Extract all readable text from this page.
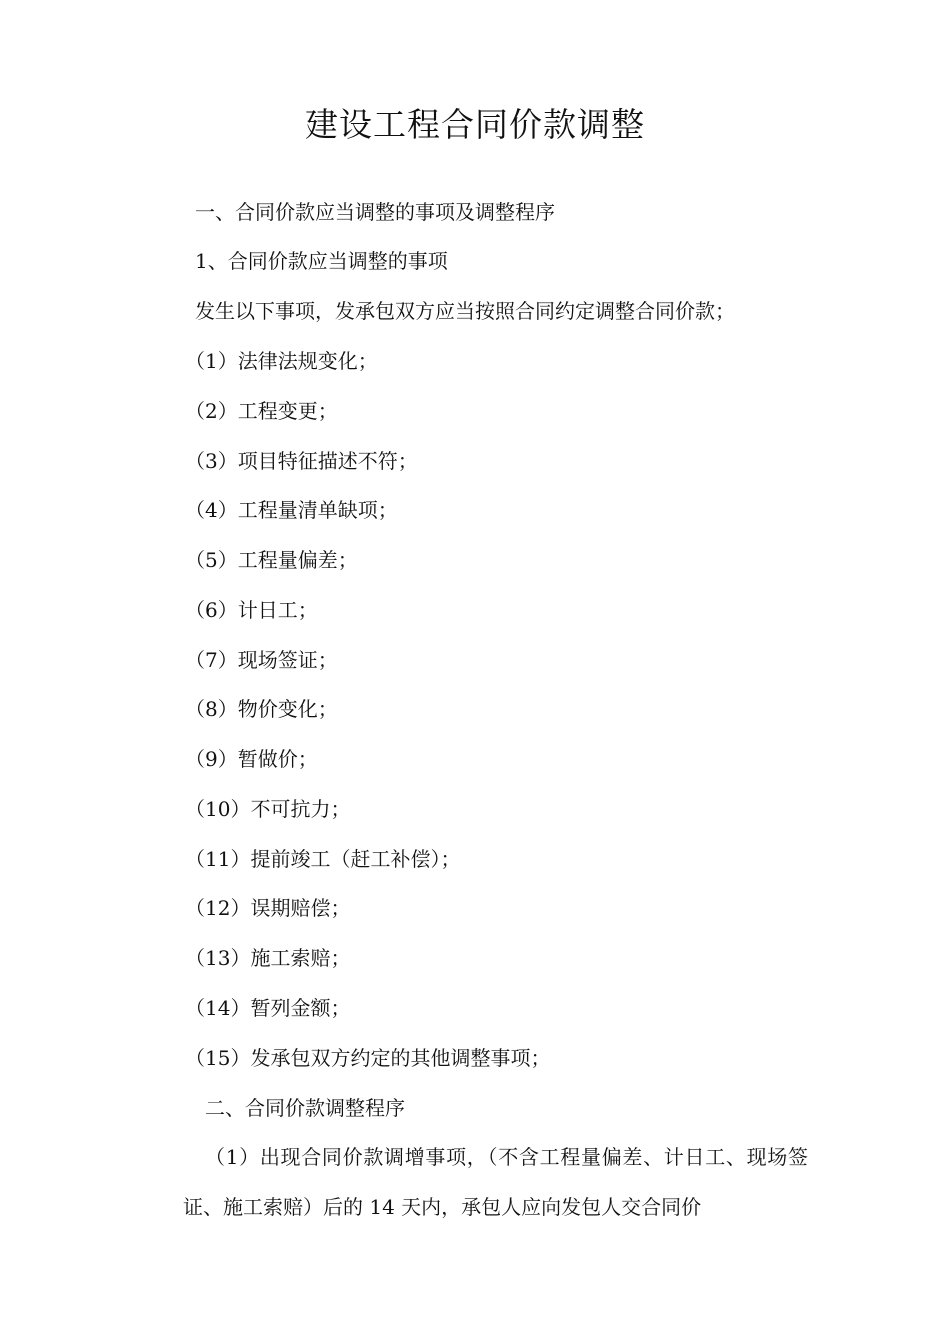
建设工程合同价款调整

一、合同价款应当调整的事项及调整程序

1、合同价款应当调整的事项

发生以下事项，发承包双方应当按照合同约定调整合同价款；

（1）法律法规变化；

（2）工程变更；

（3）项目特征描述不符；

（4）工程量清单缺项；

（5）工程量偏差；

（6）计日工；

（7）现场签证；

（8）物价变化；

（9）暂做价；

（10）不可抗力；

（11）提前竣工（赶工补偿）；

（12）误期赔偿；

（13）施工索赔；

（14）暂列金额；

（15）发承包双方约定的其他调整事项；

二、合同价款调整程序

（1）出现合同价款调增事项，（不含工程量偏差、计日工、现场签证、施工索赔）后的 14 天内，承包人应向发包人交合同价
